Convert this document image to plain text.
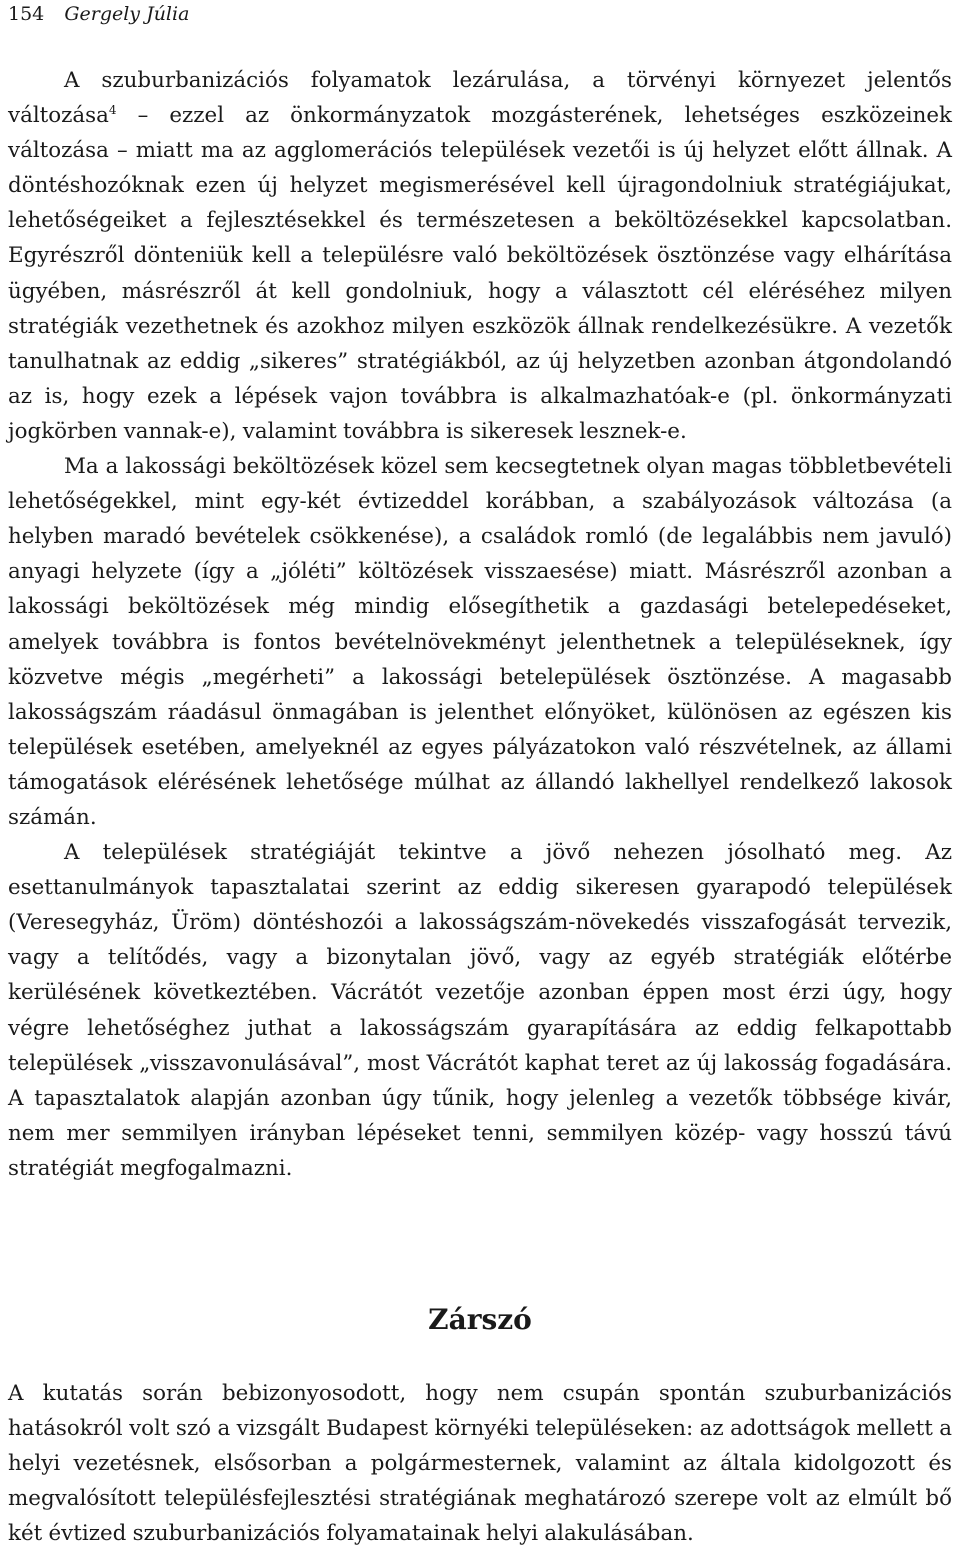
154 Gergely Júlia

A szuburbanizációs folyamatok lezárulása, a törvényi környezet jelentős változása$^4$ – ezzel az önkormányzatok mozgásterének, lehetséges eszközeinek változása – miatt ma az agglomerációs települések vezetői is új helyzet előtt állnak. A döntéshozóknak ezen új helyzet megismerésével kell újragondolniuk stratégiájukat, lehetőségeiket a fejlesztésekkel és természetesen a beköltözésekkel kapcsolatban. Egyrészről dönteniük kell a településre való beköltözések ösztönzése vagy elhárítása ügyében, másrészről át kell gondolniuk, hogy a választott cél eléréséhez milyen stratégiák vezethetnek és azokhoz milyen eszközök állnak rendelkezésükre. A vezetők tanulhatnak az eddig „sikeres” stratégiákból, az új helyzetben azonban átgondolandó az is, hogy ezek a lépések vajon továbbra is alkalmazhatóak-e (pl. önkormányzati jogkörben vannak-e), valamint továbbra is sikeresek lesznek-e.

Ma a lakossági beköltözések közel sem kecsegtetnek olyan magas többletbevételi lehetőségekkel, mint egy-két évtizeddel korábban, a szabályozások változása (a helyben maradó bevételek csökkenése), a családok romló (de legalábbis nem javuló) anyagi helyzete (így a „jóléti” költözések visszaesése) miatt. Másrészről azonban a lakossági beköltözések még mindig elősegíthetik a gazdasági betelepedéseket, amelyek továbbra is fontos bevételnövekményt jelenthetnek a településeknek, így közvetve mégis „megérheti” a lakossági betelepülések ösztönzése. A magasabb lakosságszám ráadásul önmagában is jelenthet előnyöket, különösen az egészen kis települések esetében, amelyeknél az egyes pályázatokon való részvételnek, az állami támogatások elérésének lehetősége múlhat az állandó lakhellyel rendelkező lakosok számán.

A települések stratégiáját tekintve a jövő nehezen jósolható meg. Az esettanulmányok tapasztalatai szerint az eddig sikeresen gyarapodó települések (Veresegyház, Üröm) döntéshozói a lakosságszám-növekedés visszafogását tervezik, vagy a telítődés, vagy a bizonytalan jövő, vagy az egyéb stratégiák előtérbe kerülésének következtében. Vácrátót vezetője azonban éppen most érzi úgy, hogy végre lehetőséghez juthat a lakosságszám gyarapítására az eddig felkapottabb települések „visszavonulásával”, most Vácrátót kaphat teret az új lakosság fogadására. A tapasztalatok alapján azonban úgy tűnik, hogy jelenleg a vezetők többsége kivár, nem mer semmilyen irányban lépéseket tenni, semmilyen közép- vagy hosszú távú stratégiát megfogalmazni.

Zárszó

A kutatás során bebizonyosodott, hogy nem csupán spontán szuburbanizációs hatásokról volt szó a vizsgált Budapest környéki településeken: az adottságok mellett a helyi vezetésnek, elsősorban a polgármesternek, valamint az általa kidolgozott és megvalósított településfejlesztési stratégiának meghatározó szerepe volt az elmúlt bő két évtized szuburbanizációs folyamatainak helyi alakulásában.
